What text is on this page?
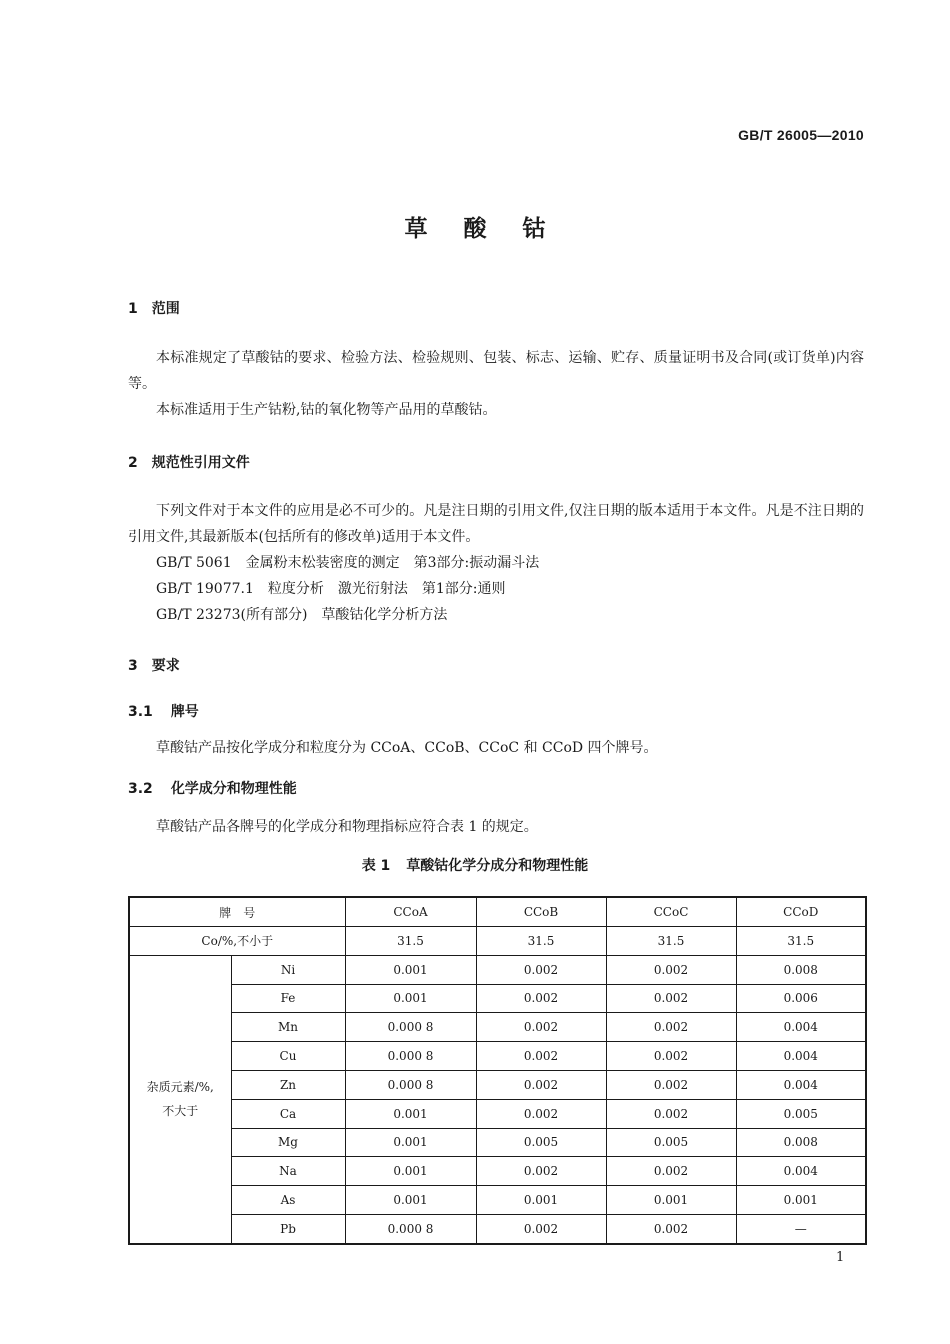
GB/T 26005—2010
草酸钴
1 范围

本标准规定了草酸钴的要求、检验方法、检验规则、包装、标志、运输、贮存、质量证明书及合同(或订货单)内容等。

本标准适用于生产钴粉,钴的氧化物等产品用的草酸钴。

2 规范性引用文件

下列文件对于本文件的应用是必不可少的。凡是注日期的引用文件,仅注日期的版本适用于本文件。凡是不注日期的引用文件,其最新版本(包括所有的修改单)适用于本文件。

GB/T 5061　金属粉末松装密度的测定　第3部分:振动漏斗法

GB/T 19077.1　粒度分析　激光衍射法　第1部分:通则

GB/T 23273(所有部分)　草酸钴化学分析方法

3 要求
3.1 牌号

草酸钴产品按化学成分和粒度分为 CCoA、CCoB、CCoC 和 CCoD 四个牌号。

3.2 化学成分和物理性能

草酸钴产品各牌号的化学成分和物理指标应符合表 1 的规定。

表 1 草酸钴化学分成分和物理性能
牌　号		CCoA	CCoB	CCoC	CCoD
Co/%,不小于		31.5	31.5	31.5	31.5
杂质元素/%,
不大于	Ni	0.001	0.002	0.002	0.008
	Fe	0.001	0.002	0.002	0.006
	Mn	0.000 8	0.002	0.002	0.004
	Cu	0.000 8	0.002	0.002	0.004
	Zn	0.000 8	0.002	0.002	0.004
	Ca	0.001	0.002	0.002	0.005
	Mg	0.001	0.005	0.005	0.008
	Na	0.001	0.002	0.002	0.004
	As	0.001	0.001	0.001	0.001
	Pb	0.000 8	0.002	0.002	—
1
